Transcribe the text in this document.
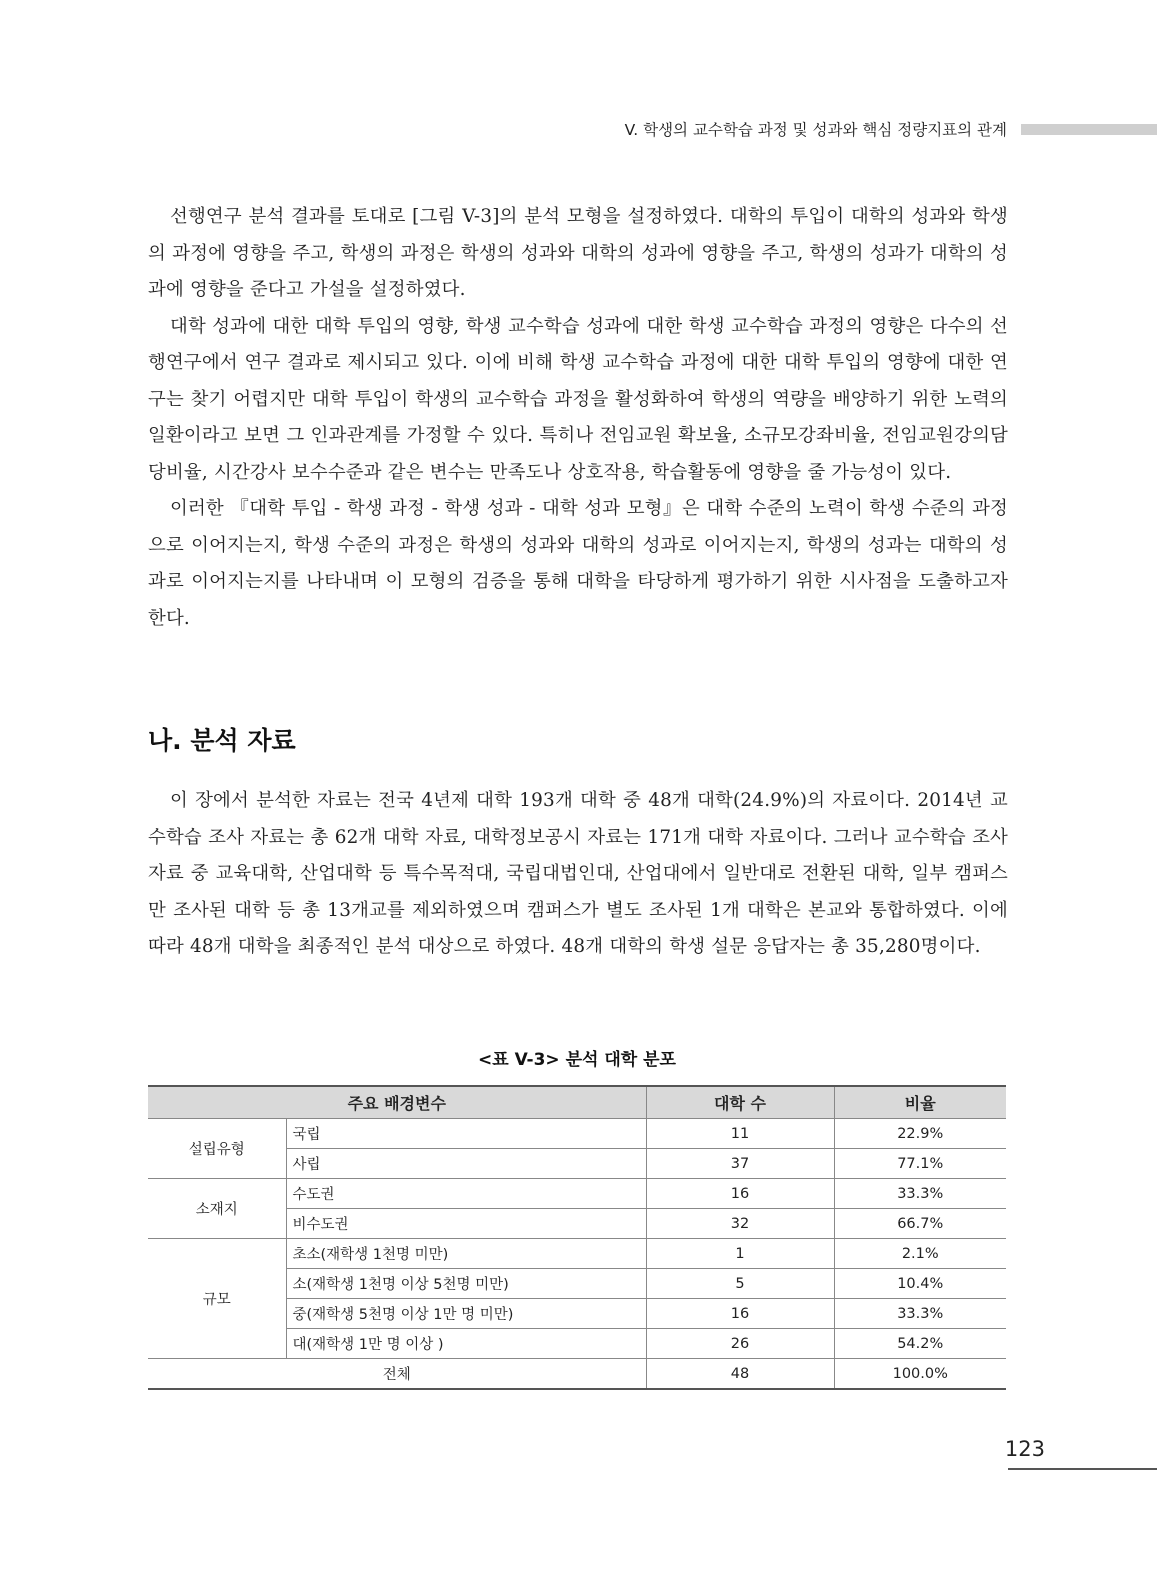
V. 학생의 교수학습 과정 및 성과와 핵심 정량지표의 관계

선행연구 분석 결과를 토대로 [그림 V-3]의 분석 모형을 설정하였다. 대학의 투입이 대학의 성과와 학생의 과정에 영향을 주고, 학생의 과정은 학생의 성과와 대학의 성과에 영향을 주고, 학생의 성과가 대학의 성과에 영향을 준다고 가설을 설정하였다.

대학 성과에 대한 대학 투입의 영향, 학생 교수학습 성과에 대한 학생 교수학습 과정의 영향은 다수의 선행연구에서 연구 결과로 제시되고 있다. 이에 비해 학생 교수학습 과정에 대한 대학 투입의 영향에 대한 연구는 찾기 어렵지만 대학 투입이 학생의 교수학습 과정을 활성화하여 학생의 역량을 배양하기 위한 노력의 일환이라고 보면 그 인과관계를 가정할 수 있다. 특히나 전임교원 확보율, 소규모강좌비율, 전임교원강의담당비율, 시간강사 보수수준과 같은 변수는 만족도나 상호작용, 학습활동에 영향을 줄 가능성이 있다.

이러한 『대학 투입 - 학생 과정 - 학생 성과 - 대학 성과 모형』은 대학 수준의 노력이 학생 수준의 과정으로 이어지는지, 학생 수준의 과정은 학생의 성과와 대학의 성과로 이어지는지, 학생의 성과는 대학의 성과로 이어지는지를 나타내며 이 모형의 검증을 통해 대학을 타당하게 평가하기 위한 시사점을 도출하고자 한다.

나. 분석 자료

이 장에서 분석한 자료는 전국 4년제 대학 193개 대학 중 48개 대학(24.9%)의 자료이다. 2014년 교수학습 조사 자료는 총 62개 대학 자료, 대학정보공시 자료는 171개 대학 자료이다. 그러나 교수학습 조사 자료 중 교육대학, 산업대학 등 특수목적대, 국립대법인대, 산업대에서 일반대로 전환된 대학, 일부 캠퍼스만 조사된 대학 등 총 13개교를 제외하였으며 캠퍼스가 별도 조사된 1개 대학은 본교와 통합하였다. 이에 따라 48개 대학을 최종적인 분석 대상으로 하였다. 48개 대학의 학생 설문 응답자는 총 35,280명이다.

<표 V-3> 분석 대학 분포
주요 배경변수		대학 수	비율
설립유형	국립	11	22.9%
	사립	37	77.1%
소재지	수도권	16	33.3%
	비수도권	32	66.7%
규모	초소(재학생 1천명 미만)	1	2.1%
	소(재학생 1천명 이상 5천명 미만)	5	10.4%
	중(재학생 5천명 이상 1만 명 미만)	16	33.3%
	대(재학생 1만 명 이상 )	26	54.2%
전체		48	100.0%
123
